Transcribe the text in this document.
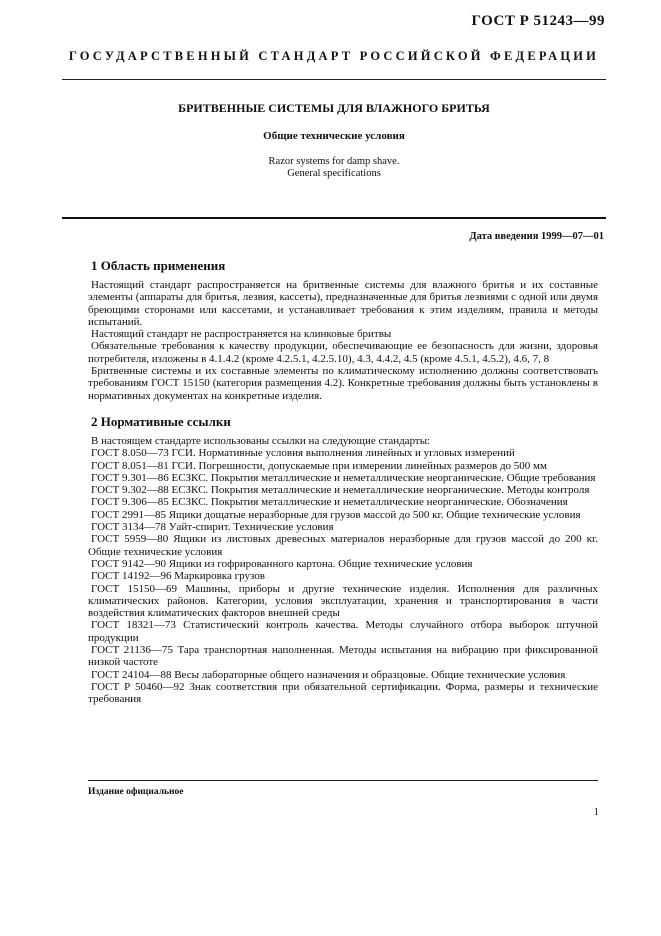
ГОСТ Р 51243—99
ГОСУДАРСТВЕННЫЙ СТАНДАРТ РОССИЙСКОЙ ФЕДЕРАЦИИ
БРИТВЕННЫЕ СИСТЕМЫ ДЛЯ ВЛАЖНОГО БРИТЬЯ
Общие технические условия
Razor systems for damp shave.
General specifications
Дата введения 1999—07—01
1 Область применения
Настоящий стандарт распространяется на бритвенные системы для влажного бритья и их составные элементы (аппараты для бритья, лезвия, кассеты), предназначенные для бритья лезвиями с одной или двумя бреющими сторонами или кассетами, и устанавливает требования к этим изделиям, правила и методы испытаний.
Настоящий стандарт не распространяется на клинковые бритвы
Обязательные требования к качеству продукции, обеспечивающие ее безопасность для жизни, здоровья потребителя, изложены в 4.1.4.2 (кроме 4.2.5.1, 4.2.5.10), 4.3, 4.4.2, 4.5 (кроме 4.5.1, 4.5.2), 4.6, 7, 8
Бритвенные системы и их составные элементы по климатическому исполнению должны соответствовать требованиям ГОСТ 15150 (категория размещения 4.2). Конкретные требования должны быть установлены в нормативных документах на конкретные изделия.
2 Нормативные ссылки
В настоящем стандарте использованы ссылки на следующие стандарты:
ГОСТ 8.050—73 ГСИ. Нормативные условия выполнения линейных и угловых измерений
ГОСТ 8.051—81 ГСИ. Погрешности, допускаемые при измерении линейных размеров до 500 мм
ГОСТ 9.301—86 ЕСЗКС. Покрытия металлические и неметаллические неорганические. Общие требования
ГОСТ 9.302—88 ЕСЗКС. Покрытия металлические и неметаллические неорганические. Методы контроля
ГОСТ 9.306—85 ЕСЗКС. Покрытия металлические и неметаллические неорганические. Обозначения
ГОСТ 2991—85 Ящики дощатые неразборные для грузов массой до 500 кг. Общие технические условия
ГОСТ 3134—78 Уайт-спирит. Технические условия
ГОСТ 5959—80 Ящики из листовых древесных материалов неразборные для грузов массой до 200 кг. Общие технические условия
ГОСТ 9142—90 Ящики из гофрированного картона. Общие технические условия
ГОСТ 14192—96 Маркировка грузов
ГОСТ 15150—69 Машины, приборы и другие технические изделия. Исполнения для различных климатических районов. Категории, условия эксплуатации, хранения и транспортирования в части воздействия климатических факторов внешней среды
ГОСТ 18321—73 Статистический контроль качества. Методы случайного отбора выборок штучной продукции
ГОСТ 21136—75 Тара транспортная наполненная. Методы испытания на вибрацию при фиксированной низкой частоте
ГОСТ 24104—88 Весы лабораторные общего назначения и образцовые. Общие технические условия
ГОСТ Р 50460—92 Знак соответствия при обязательной сертификации. Форма, размеры и технические требования
Издание официальное
1
